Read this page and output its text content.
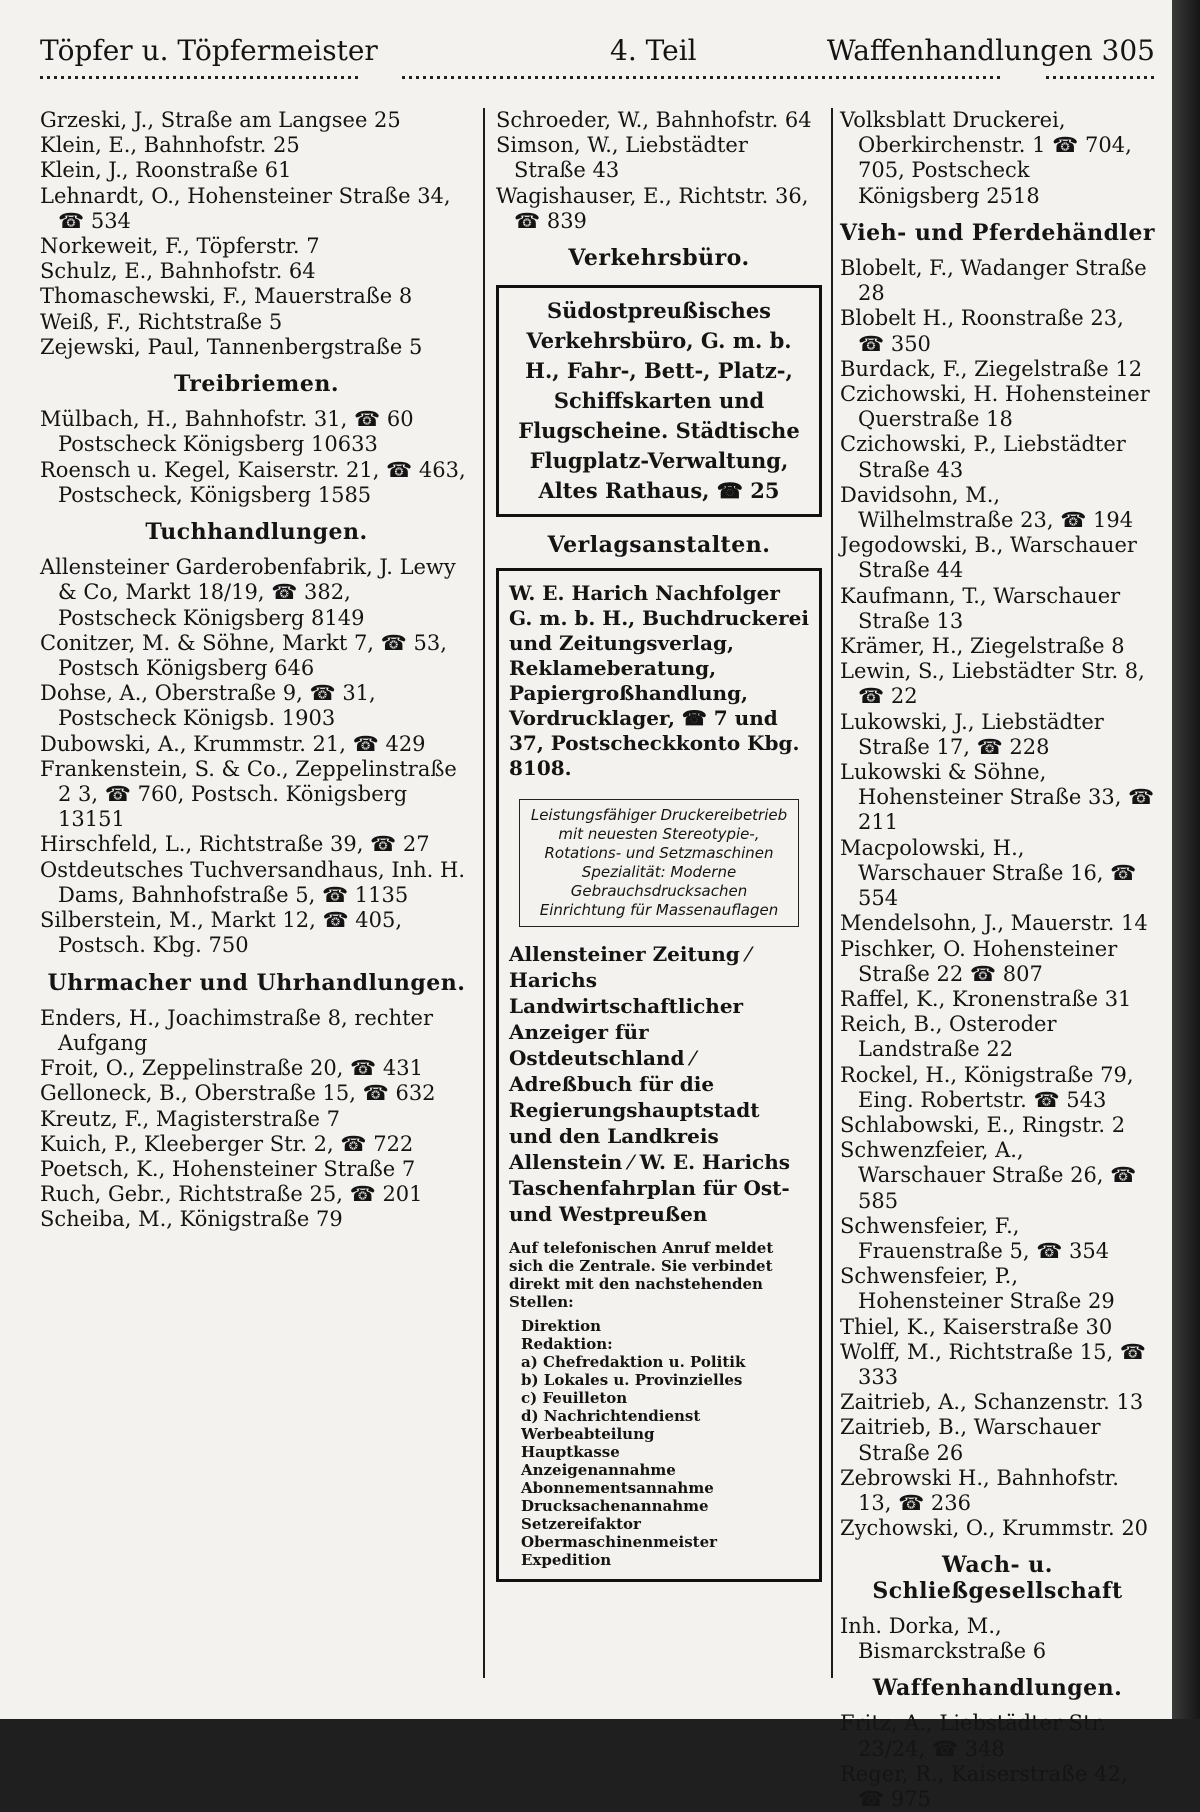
Töpfer u. Töpfermeister	4. Teil	Waffenhandlungen 305
Grzeski, J., Straße am Langsee 25
Klein, E., Bahnhofstr. 25
Klein, J., Roonstraße 61
Lehnardt, O., Hohensteiner Straße 34, ☎ 534
Norkeweit, F., Töpferstr. 7
Schulz, E., Bahnhofstr. 64
Thomaschewski, F., Mauerstraße 8
Weiß, F., Richtstraße 5
Zejewski, Paul, Tannenbergstraße 5
Treibriemen.
Mülbach, H., Bahnhofstr. 31, ☎ 60 Postscheck Königsberg 10633
Roensch u. Kegel, Kaiserstr. 21, ☎ 463, Postscheck, Königsberg 1585
Tuchhandlungen.
Allensteiner Garderobenfabrik, J. Lewy & Co, Markt 18/19, ☎ 382, Postscheck Königsberg 8149
Conitzer, M. & Söhne, Markt 7, ☎ 53, Postsch Königsberg 646
Dohse, A., Oberstraße 9, ☎ 31, Postscheck Königsb. 1903
Dubowski, A., Krummstr. 21, ☎ 429
Frankenstein, S. & Co., Zeppelinstraße 2 3, ☎ 760, Postsch. Königsberg 13151
Hirschfeld, L., Richtstraße 39, ☎ 27
Ostdeutsches Tuchversandhaus, Inh. H. Dams, Bahnhofstraße 5, ☎ 1135
Silberstein, M., Markt 12, ☎ 405, Postsch. Kbg. 750
Uhrmacher und Uhrhandlungen.
Enders, H., Joachimstraße 8, rechter Aufgang
Froit, O., Zeppelinstraße 20, ☎ 431
Gelloneck, B., Oberstraße 15, ☎ 632
Kreutz, F., Magisterstraße 7
Kuich, P., Kleeberger Str. 2, ☎ 722
Poetsch, K., Hohensteiner Straße 7
Ruch, Gebr., Richtstraße 25, ☎ 201
Scheiba, M., Königstraße 79
Schroeder, W., Bahnhofstr. 64
Simson, W., Liebstädter Straße 43
Wagishauser, E., Richtstr. 36, ☎ 839
Verkehrsbüro.
Südostpreußisches Verkehrsbüro, G. m. b. H., Fahr-, Bett-, Platz-, Schiffskarten und Flugscheine. Städtische Flugplatz-Verwaltung, Altes Rathaus, ☎ 25
Verlagsanstalten.
W. E. Harich Nachfolger G. m. b. H., Buchdruckerei und Zeitungsverlag, Reklameberatung, Papiergroßhandlung, Vordrucklager, ☎ 7 und 37, Postscheckkonto Kbg. 8108.
Leistungsfähiger Druckereibetrieb mit neuesten Stereotypie-, Rotations- und Setzmaschinen Spezialität: Moderne Gebrauchsdrucksachen Einrichtung für Massenauflagen
Allensteiner Zeitung ⁄ Harichs Landwirtschaftlicher Anzeiger für Ostdeutschland ⁄ Adreßbuch für die Regierungshauptstadt und den Landkreis Allenstein ⁄ W. E. Harichs Taschenfahrplan für Ost- und Westpreußen
Auf telefonischen Anruf meldet sich die Zentrale. Sie verbindet direkt mit den nachstehenden Stellen:
Direktion
Redaktion:
a) Chefredaktion u. Politik
b) Lokales u. Provinzielles
c) Feuilleton
d) Nachrichtendienst
Werbeabteilung
Hauptkasse
Anzeigenannahme
Abonnementsannahme
Drucksachenannahme
Setzereifaktor
Obermaschinenmeister
Expedition
Volksblatt Druckerei, Oberkirchenstr. 1 ☎ 704, 705, Postscheck Königsberg 2518
Vieh- und Pferdehändler
Blobelt, F., Wadanger Straße 28
Blobelt H., Roonstraße 23, ☎ 350
Burdack, F., Ziegelstraße 12
Czichowski, H. Hohensteiner Querstraße 18
Czichowski, P., Liebstädter Straße 43
Davidsohn, M., Wilhelmstraße 23, ☎ 194
Jegodowski, B., Warschauer Straße 44
Kaufmann, T., Warschauer Straße 13
Krämer, H., Ziegelstraße 8
Lewin, S., Liebstädter Str. 8, ☎ 22
Lukowski, J., Liebstädter Straße 17, ☎ 228
Lukowski & Söhne, Hohensteiner Straße 33, ☎ 211
Macpolowski, H., Warschauer Straße 16, ☎ 554
Mendelsohn, J., Mauerstr. 14
Pischker, O. Hohensteiner Straße 22 ☎ 807
Raffel, K., Kronenstraße 31
Reich, B., Osteroder Landstraße 22
Rockel, H., Königstraße 79, Eing. Robertstr. ☎ 543
Schlabowski, E., Ringstr. 2
Schwenzfeier, A., Warschauer Straße 26, ☎ 585
Schwensfeier, F., Frauenstraße 5, ☎ 354
Schwensfeier, P., Hohensteiner Straße 29
Thiel, K., Kaiserstraße 30
Wolff, M., Richtstraße 15, ☎ 333
Zaitrieb, A., Schanzenstr. 13
Zaitrieb, B., Warschauer Straße 26
Zebrowski H., Bahnhofstr. 13, ☎ 236
Zychowski, O., Krummstr. 20
Wach- u. Schließgesellschaft
Inh. Dorka, M., Bismarckstraße 6
Waffenhandlungen.
Fritz, A., Liebstädter Str. 23/24, ☎ 348
Reger, R., Kaiserstraße 42, ☎ 975
